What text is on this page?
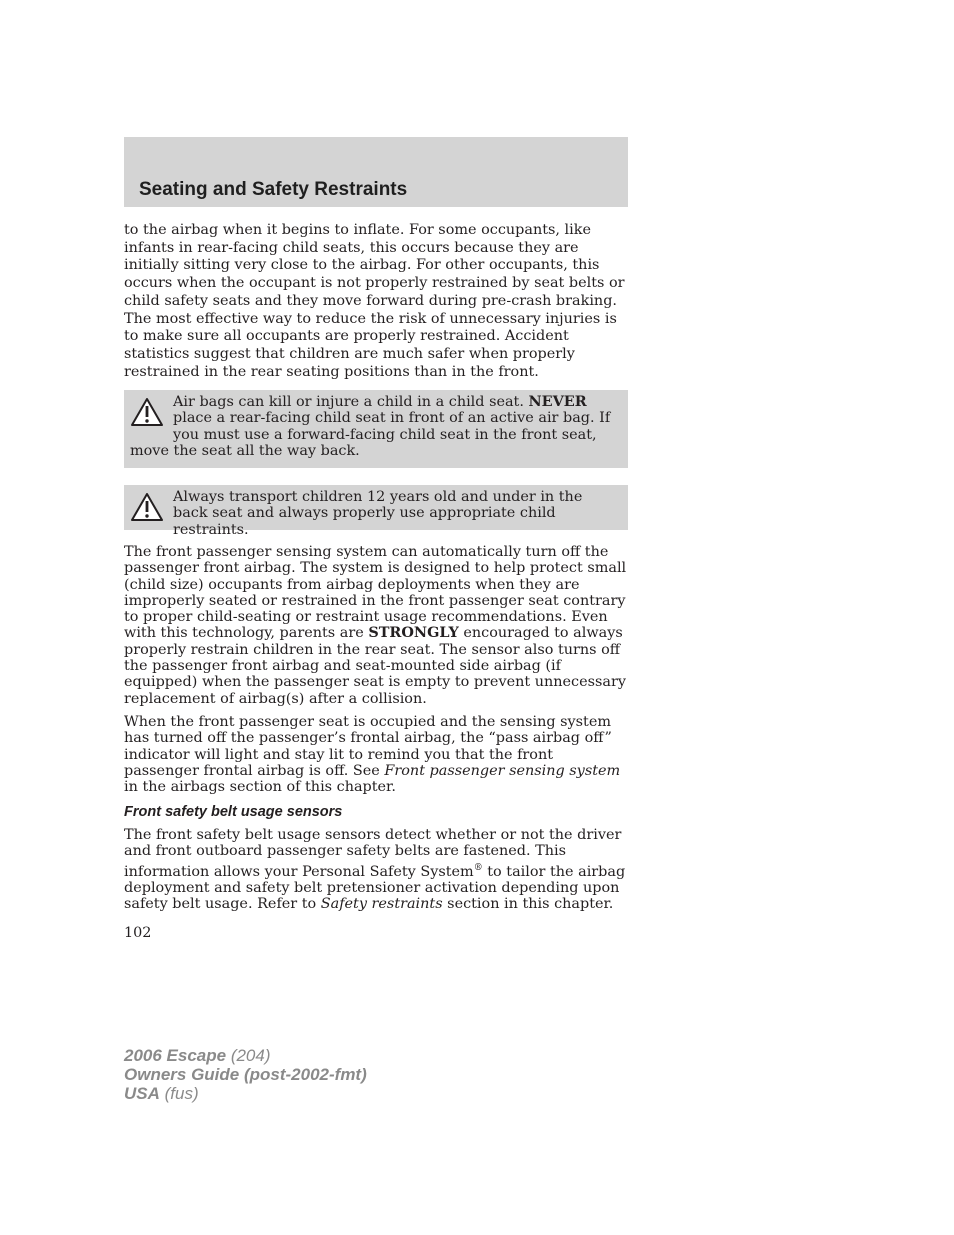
Seating and Safety Restraints

to the airbag when it begins to inflate. For some occupants, like infants in rear-facing child seats, this occurs because they are initially sitting very close to the airbag. For other occupants, this occurs when the occupant is not properly restrained by seat belts or child safety seats and they move forward during pre-crash braking. The most effective way to reduce the risk of unnecessary injuries is to make sure all occupants are properly restrained. Accident statistics suggest that children are much safer when properly restrained in the rear seating positions than in the front.

Air bags can kill or injure a child in a child seat. NEVER place a rear-facing child seat in front of an active air bag. If you must use a forward-facing child seat in the front seat, move the seat all the way back.
Always transport children 12 years old and under in the back seat and always properly use appropriate child restraints.

The front passenger sensing system can automatically turn off the passenger front airbag. The system is designed to help protect small (child size) occupants from airbag deployments when they are improperly seated or restrained in the front passenger seat contrary to proper child-seating or restraint usage recommendations. Even with this technology, parents are STRONGLY encouraged to always properly restrain children in the rear seat. The sensor also turns off the passenger front airbag and seat-mounted side airbag (if equipped) when the passenger seat is empty to prevent unnecessary replacement of airbag(s) after a collision.

When the front passenger seat is occupied and the sensing system has turned off the passenger’s frontal airbag, the “pass airbag off” indicator will light and stay lit to remind you that the front passenger frontal airbag is off. See Front passenger sensing system in the airbags section of this chapter.

Front safety belt usage sensors

The front safety belt usage sensors detect whether or not the driver and front outboard passenger safety belts are fastened. This information allows your Personal Safety System® to tailor the airbag deployment and safety belt pretensioner activation depending upon safety belt usage. Refer to Safety restraints section in this chapter.

102

2006 Escape (204)
Owners Guide (post-2002-fmt)
USA (fus)
